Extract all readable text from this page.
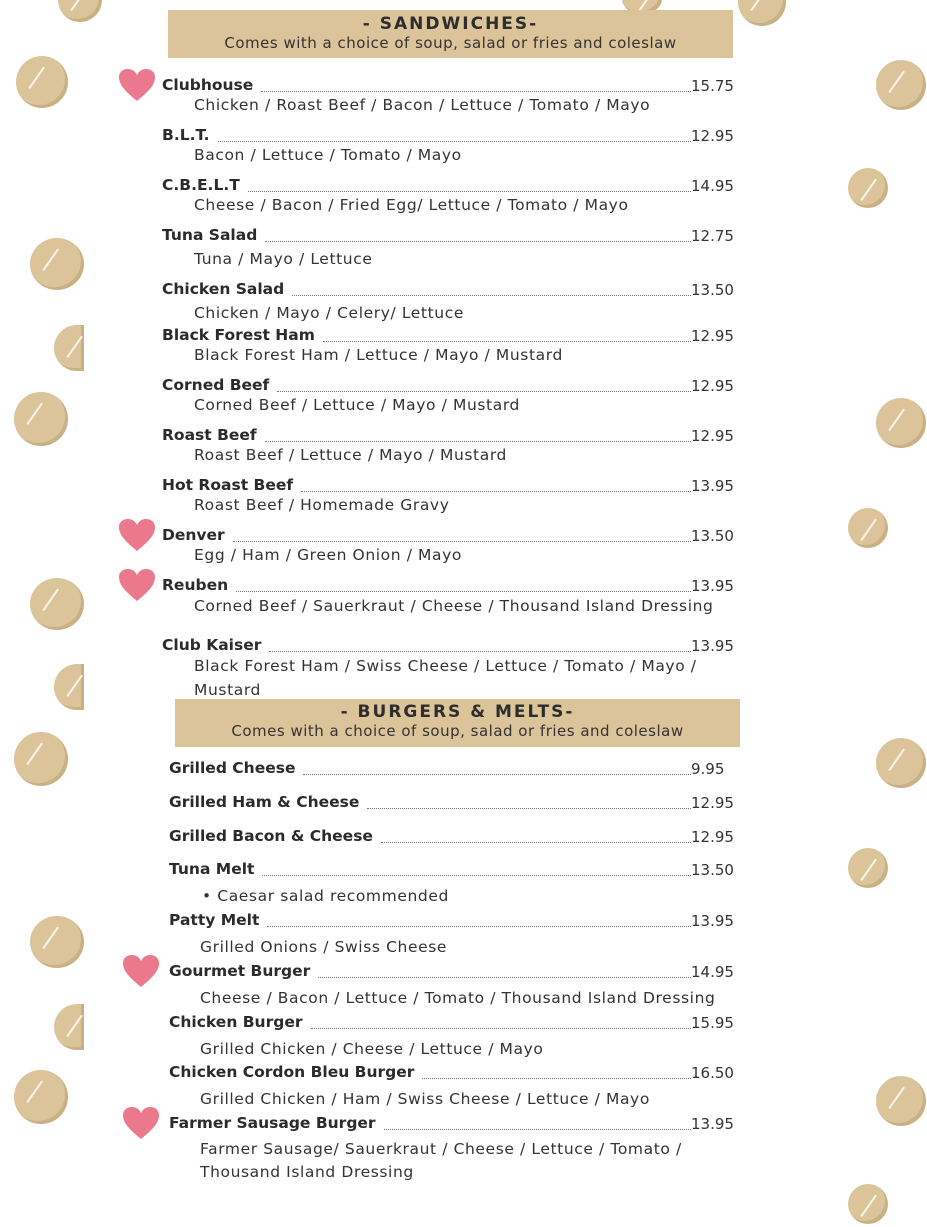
- SANDWICHES-
Comes with a choice of soup, salad or fries and coleslaw
Clubhouse	15.75
Chicken / Roast Beef / Bacon / Lettuce / Tomato / Mayo
B.L.T.	12.95
Bacon / Lettuce / Tomato / Mayo
C.B.E.L.T	14.95
Cheese / Bacon / Fried Egg/ Lettuce / Tomato / Mayo
Tuna Salad	12.75
Tuna / Mayo / Lettuce
Chicken Salad	13.50
Chicken / Mayo / Celery/ Lettuce
Black Forest Ham	12.95
Black Forest Ham / Lettuce / Mayo / Mustard
Corned Beef	12.95
Corned Beef / Lettuce / Mayo / Mustard
Roast Beef	12.95
Roast Beef / Lettuce / Mayo / Mustard
Hot Roast Beef	13.95
Roast Beef / Homemade Gravy
Denver	13.50
Egg / Ham / Green Onion / Mayo
Reuben	13.95
Corned Beef / Sauerkraut / Cheese / Thousand Island Dressing
Club Kaiser	13.95
Black Forest Ham / Swiss Cheese / Lettuce / Tomato / Mayo /
Mustard
- BURGERS & MELTS-
Comes with a choice of soup, salad or fries and coleslaw
Grilled Cheese	9.95
Grilled Ham & Cheese	12.95
Grilled Bacon & Cheese	12.95
Tuna Melt	13.50
• Caesar salad recommended
Patty Melt	13.95
Grilled Onions / Swiss Cheese
Gourmet Burger	14.95
Cheese / Bacon / Lettuce / Tomato / Thousand Island Dressing
Chicken Burger	15.95
Grilled Chicken / Cheese / Lettuce / Mayo
Chicken Cordon Bleu Burger	16.50
Grilled Chicken / Ham / Swiss Cheese / Lettuce / Mayo
Farmer Sausage Burger	13.95
Farmer Sausage/ Sauerkraut / Cheese / Lettuce / Tomato /
Thousand Island Dressing
